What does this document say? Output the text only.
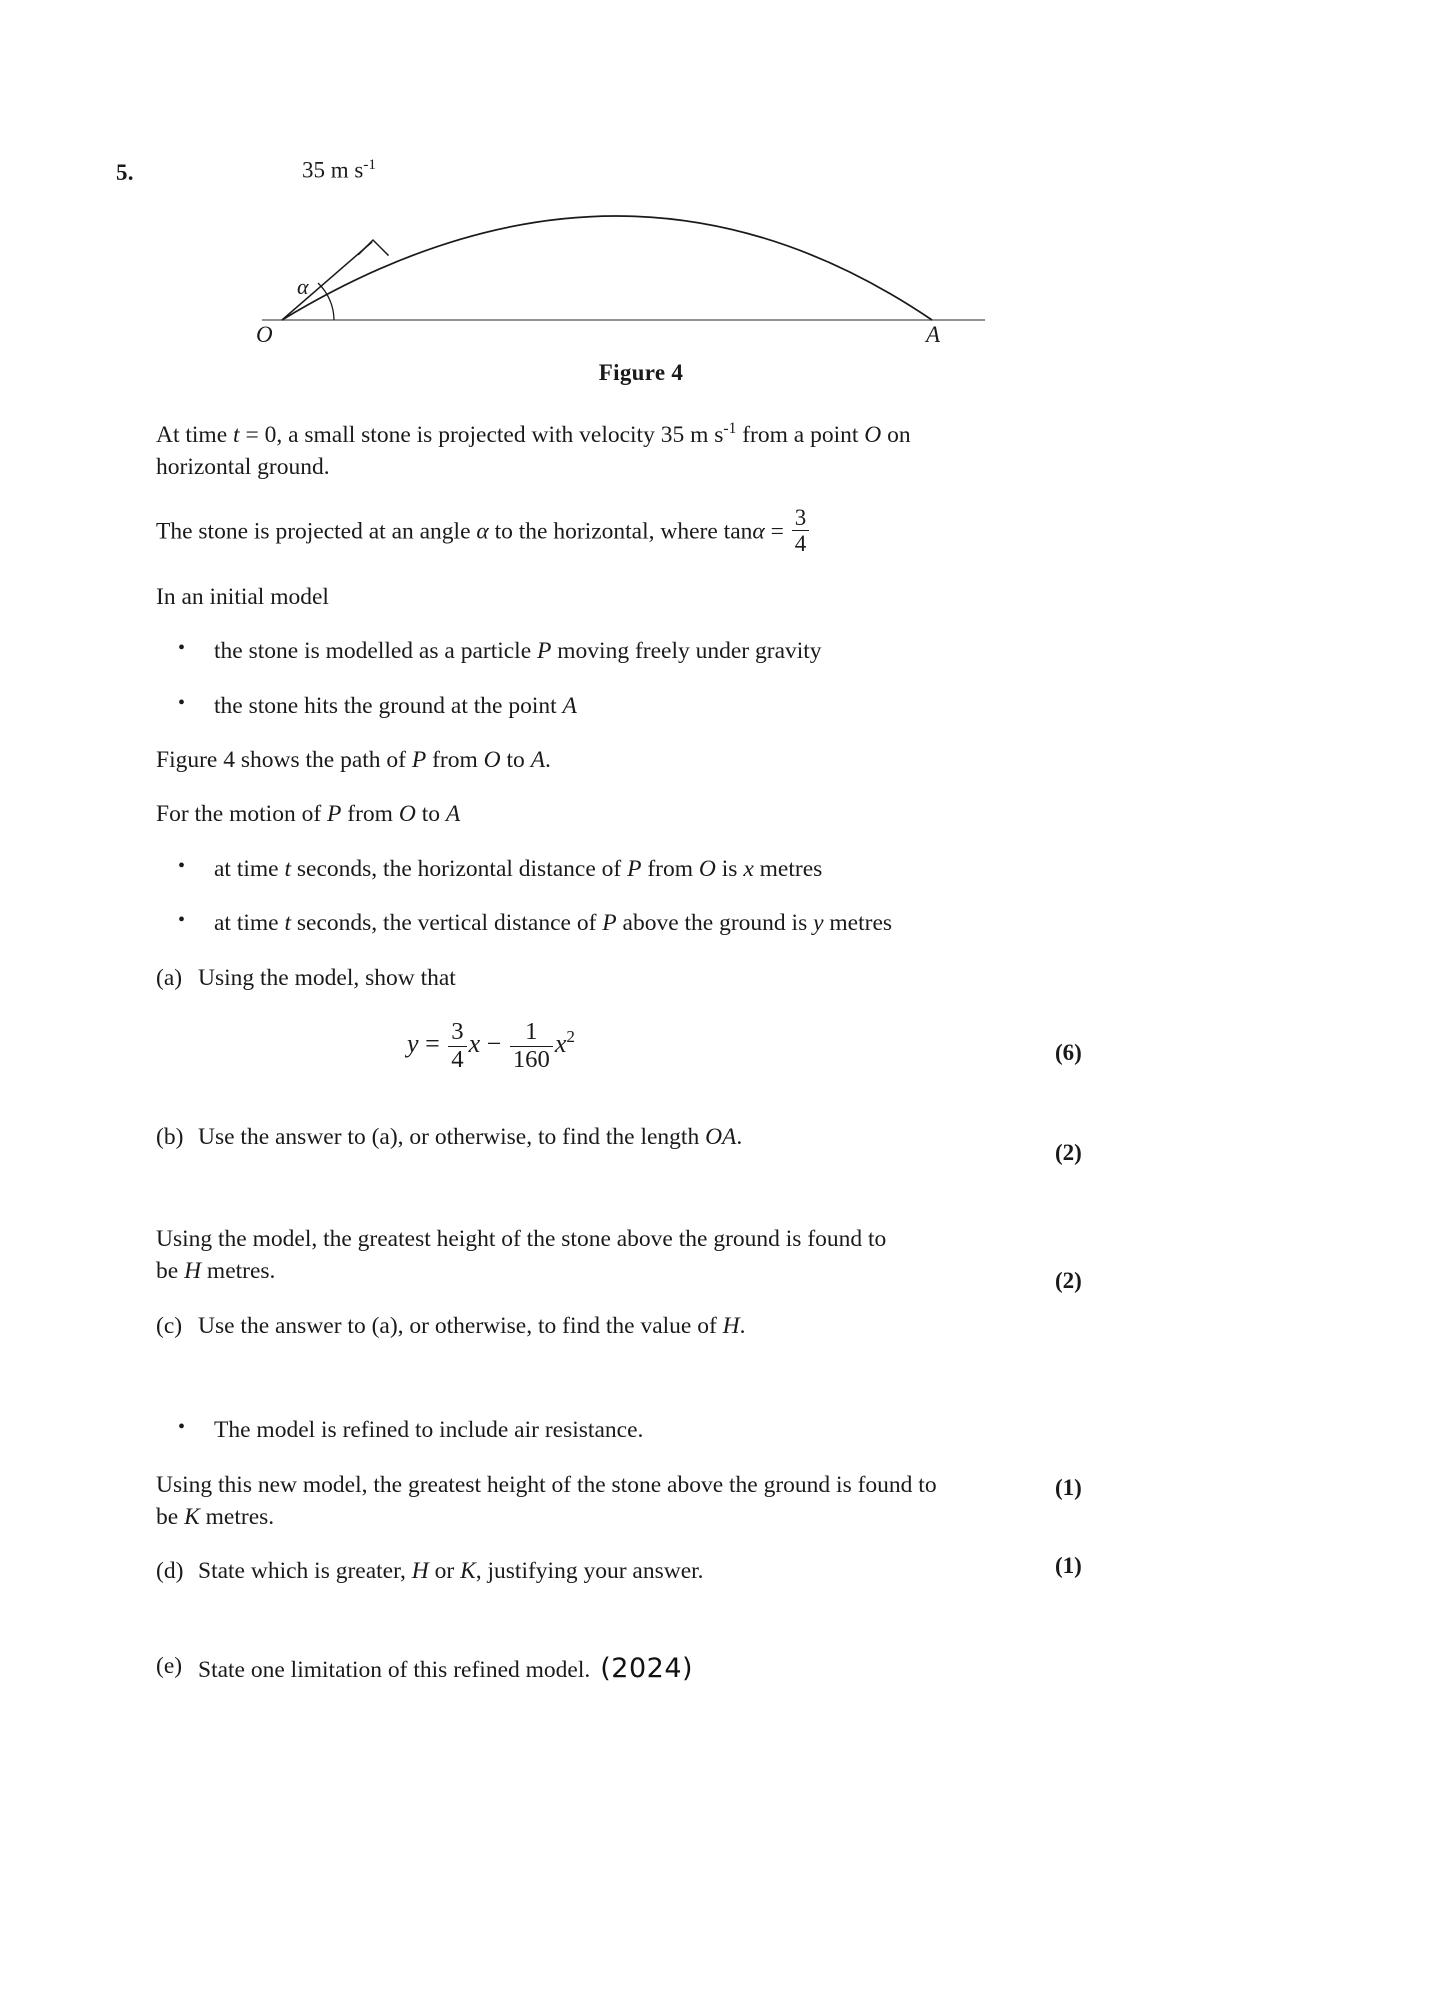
5.	35 m $s^{-1}$
α
O	A
Figure 4

At time t = 0, a small stone is projected with velocity 35 m $s^{-1}$ from a point O on
horizontal ground.

The stone is projected at an angle α to the horizontal, where $\tan\alpha = \frac{3}{4}$

In an initial model

• the stone is modelled as a particle P moving freely under gravity
• the stone hits the ground at the point A

Figure 4 shows the path of P from O to A.

For the motion of P from O to A

• at time t seconds, the horizontal distance of P from O is x metres
• at time t seconds, the vertical distance of P above the ground is y metres
(a) Using the model, show that
$y = \frac{3}{4}$ $x - \frac{1}{160} x^2$
(b) Use the answer to (a), or otherwise, to find the length OA.

Using the model, the greatest height of the stone above the ground is found to
be H metres.

(c) Use the answer to (a), or otherwise, to find the value of H.
• The model is refined to include air resistance.

Using this new model, the greatest height of the stone above the ground is found to
be K metres.

(d) State which is greater, H or K, justifying your answer.
(e) State one limitation of this refined model. (2024)
(6)
(2)
(2)
(1)
(1)
